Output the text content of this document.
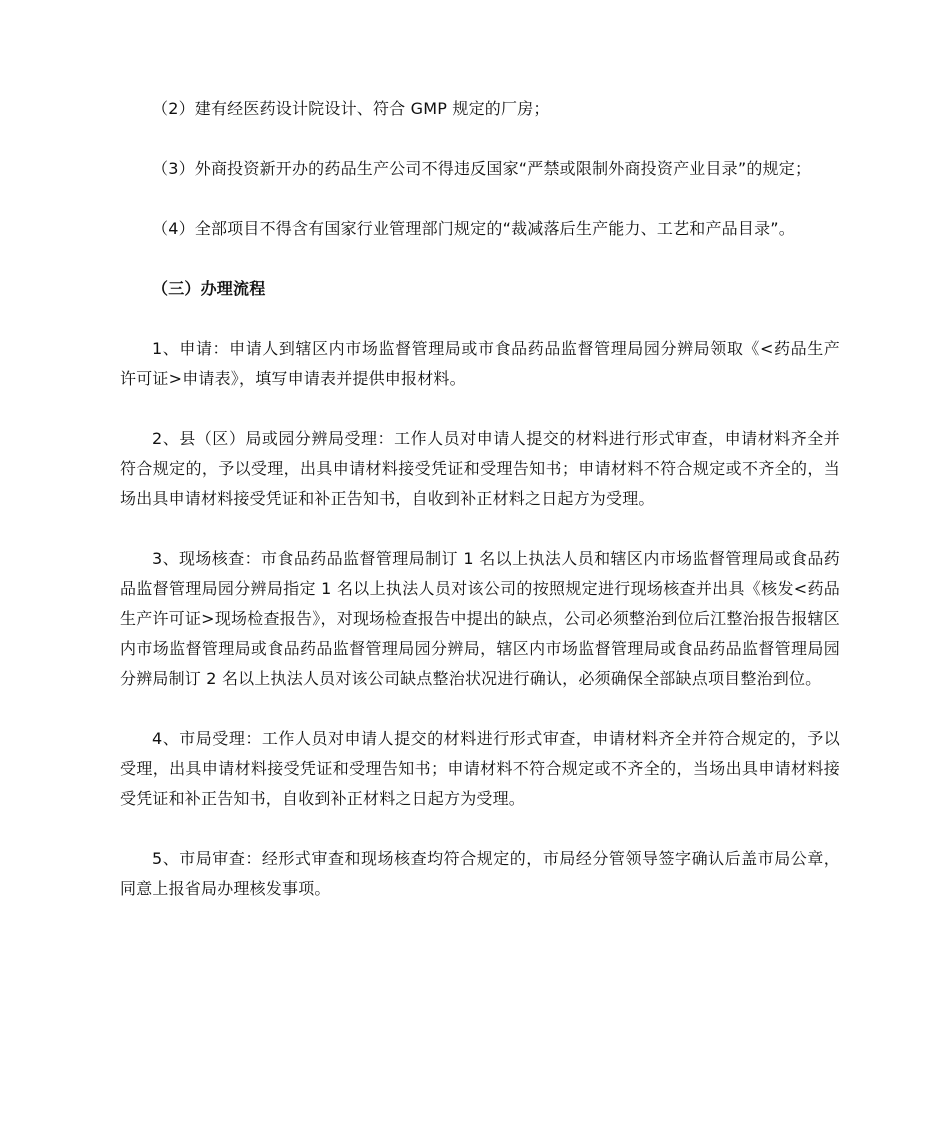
（2）建有经医药设计院设计、符合 GMP 规定的厂房；

（3）外商投资新开办的药品生产公司不得违反国家“严禁或限制外商投资产业目录”的规定；

（4）全部项目不得含有国家行业管理部门规定的“裁减落后生产能力、工艺和产品目录”。

（三）办理流程

1、申请：申请人到辖区内市场监督管理局或市食品药品监督管理局园分辨局领取《<药品生产许可证>申请表》，填写申请表并提供申报材料。

2、县（区）局或园分辨局受理：工作人员对申请人提交的材料进行形式审查，申请材料齐全并符合规定的，予以受理，出具申请材料接受凭证和受理告知书；申请材料不符合规定或不齐全的，当场出具申请材料接受凭证和补正告知书，自收到补正材料之日起方为受理。

3、现场核查：市食品药品监督管理局制订 1 名以上执法人员和辖区内市场监督管理局或食品药品监督管理局园分辨局指定 1 名以上执法人员对该公司的按照规定进行现场核查并出具《核发<药品生产许可证>现场检查报告》，对现场检查报告中提出的缺点，公司必须整治到位后江整治报告报辖区内市场监督管理局或食品药品监督管理局园分辨局，辖区内市场监督管理局或食品药品监督管理局园分辨局制订 2 名以上执法人员对该公司缺点整治状况进行确认，必须确保全部缺点项目整治到位。

4、市局受理：工作人员对申请人提交的材料进行形式审查，申请材料齐全并符合规定的，予以受理，出具申请材料接受凭证和受理告知书；申请材料不符合规定或不齐全的，当场出具申请材料接受凭证和补正告知书，自收到补正材料之日起方为受理。

5、市局审查：经形式审查和现场核查均符合规定的，市局经分管领导签字确认后盖市局公章，同意上报省局办理核发事项。
